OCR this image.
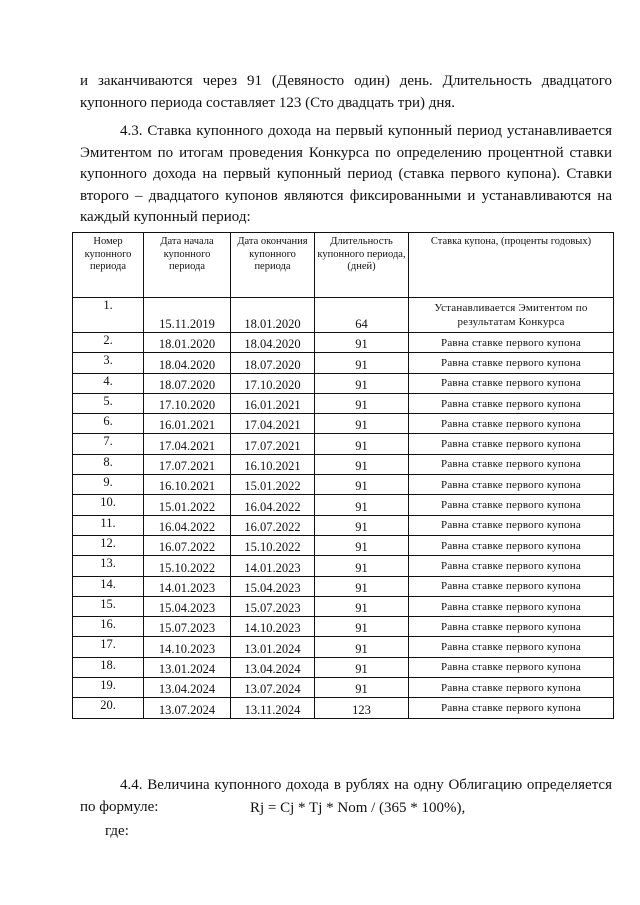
и заканчиваются через 91 (Девяносто один) день. Длительность двадцатого купонного периода составляет 123 (Сто двадцать три) дня.

4.3. Ставка купонного дохода на первый купонный период устанавливается Эмитентом по итогам проведения Конкурса по определению процентной ставки купонного дохода на первый купонный период (ставка первого купона). Ставки второго – двадцатого купонов являются фиксированными и устанавливаются на каждый купонный период:

Номер купонного периода	Дата начала купонного периода	Дата окончания купонного периода	Длительность купонного периода, (дней)	Ставка купона, (проценты годовых)
1.	15.11.2019	18.01.2020	64	Устанавливается Эмитентом по результатам Конкурса
2.	18.01.2020	18.04.2020	91	Равна ставке первого купона
3.	18.04.2020	18.07.2020	91	Равна ставке первого купона
4.	18.07.2020	17.10.2020	91	Равна ставке первого купона
5.	17.10.2020	16.01.2021	91	Равна ставке первого купона
6.	16.01.2021	17.04.2021	91	Равна ставке первого купона
7.	17.04.2021	17.07.2021	91	Равна ставке первого купона
8.	17.07.2021	16.10.2021	91	Равна ставке первого купона
9.	16.10.2021	15.01.2022	91	Равна ставке первого купона
10.	15.01.2022	16.04.2022	91	Равна ставке первого купона
11.	16.04.2022	16.07.2022	91	Равна ставке первого купона
12.	16.07.2022	15.10.2022	91	Равна ставке первого купона
13.	15.10.2022	14.01.2023	91	Равна ставке первого купона
14.	14.01.2023	15.04.2023	91	Равна ставке первого купона
15.	15.04.2023	15.07.2023	91	Равна ставке первого купона
16.	15.07.2023	14.10.2023	91	Равна ставке первого купона
17.	14.10.2023	13.01.2024	91	Равна ставке первого купона
18.	13.01.2024	13.04.2024	91	Равна ставке первого купона
19.	13.04.2024	13.07.2024	91	Равна ставке первого купона
20.	13.07.2024	13.11.2024	123	Равна ставке первого купона

4.4. Величина купонного дохода в рублях на одну Облигацию определяется по формуле:	Rj = Cj * Tj * Nom / (365 * 100%),
где:
